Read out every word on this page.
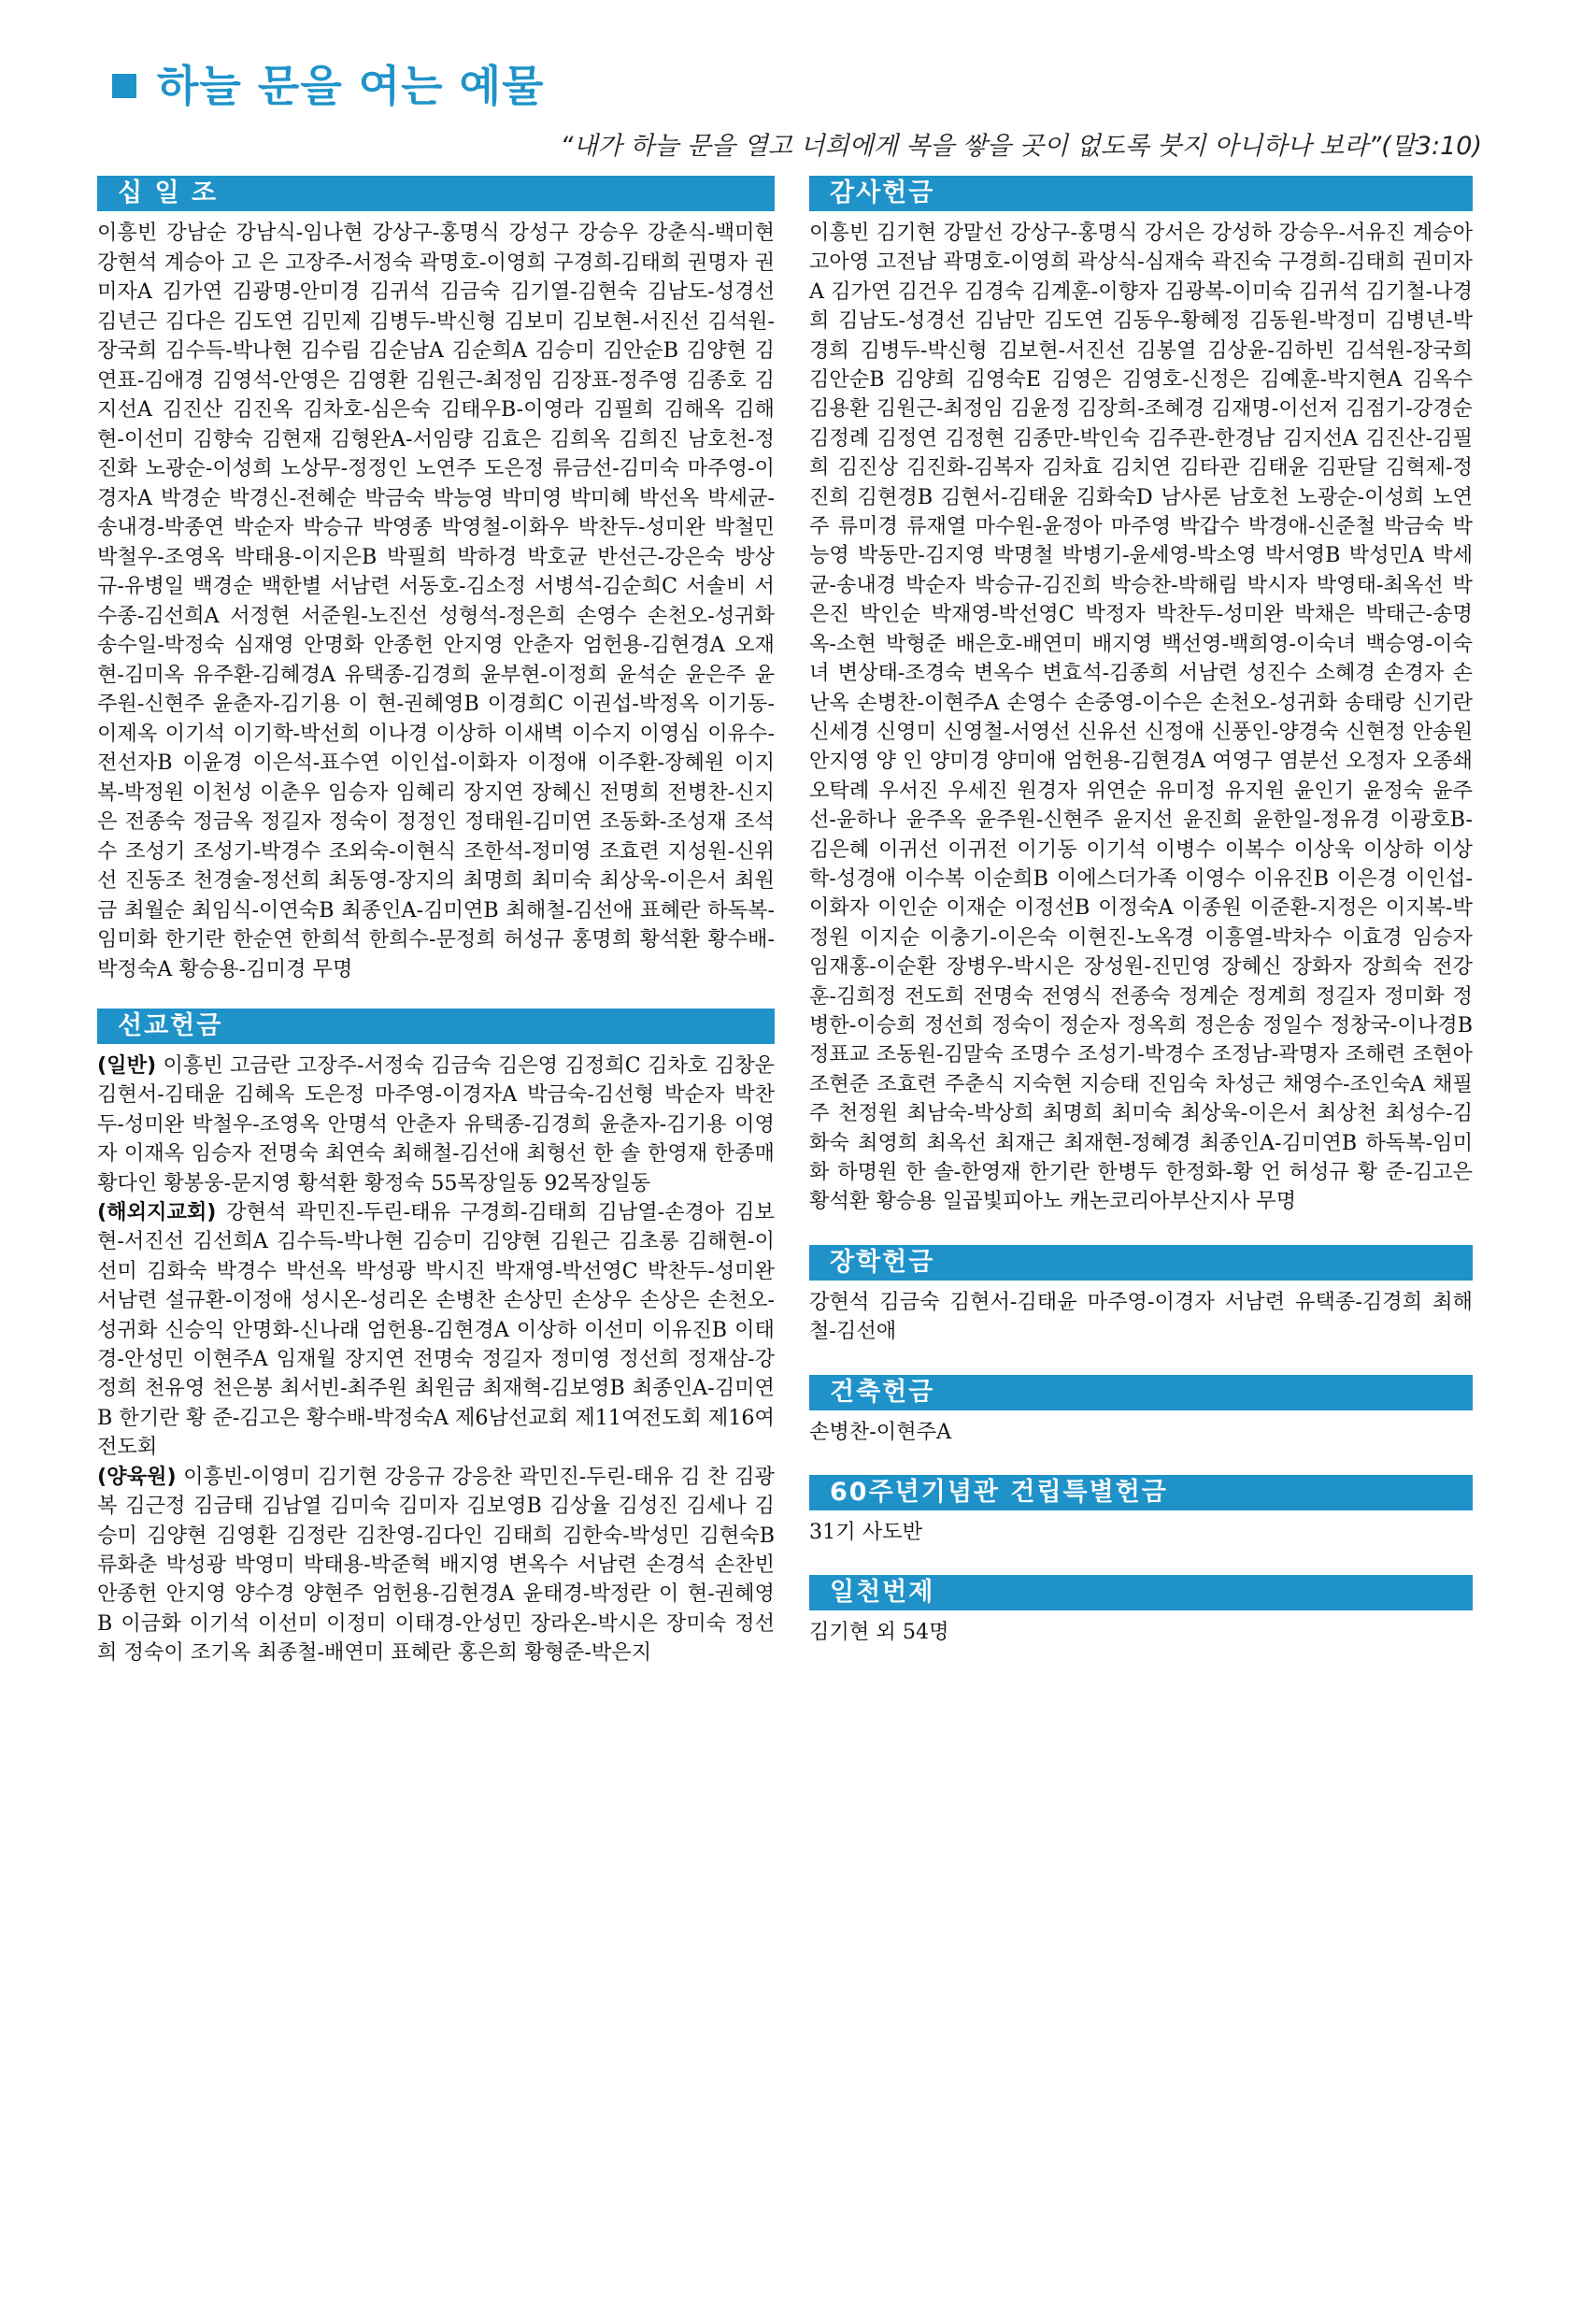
하늘 문을 여는 예물
“내가 하늘 문을 열고 너희에게 복을 쌓을 곳이 없도록 붓지 아니하나 보라”(말3:10)
십 일 조
이흥빈 강남순 강남식-임나현 강상구-홍명식 강성구 강승우 강춘식-백미현 강현석 계승아 고 은 고장주-서정숙 곽명호-이영희 구경희-김태희 권명자 권미자A 김가연 김광명-안미경 김귀석 김금숙 김기열-김현숙 김남도-성경선 김년근 김다은 김도연 김민제 김병두-박신형 김보미 김보현-서진선 김석원-장국희 김수득-박나현 김수림 김순남A 김순희A 김승미 김안순B 김양현 김연표-김애경 김영석-안영은 김영환 김원근-최정임 김장표-정주영 김종호 김지선A 김진산 김진옥 김차호-심은숙 김태우B-이영라 김필희 김해옥 김해현-이선미 김향숙 김현재 김형완A-서임량 김효은 김희옥 김희진 남호천-정진화 노광순-이성희 노상무-정정인 노연주 도은정 류금선-김미숙 마주영-이경자A 박경순 박경신-전혜순 박금숙 박능영 박미영 박미혜 박선옥 박세균-송내경-박종연 박순자 박승규 박영종 박영철-이화우 박찬두-성미완 박철민 박철우-조영옥 박태용-이지은B 박필희 박하경 박호균 반선근-강은숙 방상규-유병일 백경순 백한별 서남련 서동호-김소정 서병석-김순희C 서솔비 서수종-김선희A 서정현 서준원-노진선 성형석-정은희 손영수 손천오-성귀화 송수일-박정숙 심재영 안명화 안종헌 안지영 안춘자 엄헌용-김현경A 오재현-김미옥 유주환-김혜경A 유택종-김경희 윤부현-이정희 윤석순 윤은주 윤주원-신현주 윤춘자-김기용 이 현-권혜영B 이경희C 이권섭-박정옥 이기동-이제옥 이기석 이기학-박선희 이나경 이상하 이새벽 이수지 이영심 이유수-전선자B 이윤경 이은석-표수연 이인섭-이화자 이정애 이주환-장혜원 이지복-박정원 이천성 이춘우 임승자 임혜리 장지연 장혜신 전명희 전병찬-신지은 전종숙 정금옥 정길자 정숙이 정정인 정태원-김미연 조동화-조성재 조석수 조성기 조성기-박경수 조외숙-이현식 조한석-정미영 조효련 지성원-신위선 진동조 천경술-정선희 최동영-장지의 최명희 최미숙 최상욱-이은서 최원금 최월순 최임식-이연숙B 최종인A-김미연B 최해철-김선애 표혜란 하독복-임미화 한기란 한순연 한희석 한희수-문정희 허성규 홍명희 황석환 황수배-박정숙A 황승용-김미경 무명
선교헌금

(일반) 이흥빈 고금란 고장주-서정숙 김금숙 김은영 김정희C 김차호 김창운 김현서-김태윤 김혜옥 도은정 마주영-이경자A 박금숙-김선형 박순자 박찬두-성미완 박철우-조영옥 안명석 안춘자 유택종-김경희 윤춘자-김기용 이영자 이재옥 임승자 전명숙 최연숙 최해철-김선애 최형선 한 솔 한영재 한종매 황다인 황봉웅-문지영 황석환 황정숙 55목장일동 92목장일동

(해외지교회) 강현석 곽민진-두린-태유 구경희-김태희 김남열-손경아 김보현-서진선 김선희A 김수득-박나현 김승미 김양현 김원근 김초롱 김해현-이선미 김화숙 박경수 박선옥 박성광 박시진 박재영-박선영C 박찬두-성미완 서남련 설규환-이정애 성시온-성리온 손병찬 손상민 손상우 손상은 손천오-성귀화 신승익 안명화-신나래 엄헌용-김현경A 이상하 이선미 이유진B 이태경-안성민 이현주A 임재월 장지연 전명숙 정길자 정미영 정선희 정재삼-강정희 천유영 천은봉 최서빈-최주원 최원금 최재혁-김보영B 최종인A-김미연B 한기란 황 준-김고은 황수배-박정숙A 제6남선교회 제11여전도회 제16여전도회

(양육원) 이흥빈-이영미 김기현 강응규 강응찬 곽민진-두린-태유 김 찬 김광복 김근정 김금태 김남열 김미숙 김미자 김보영B 김상율 김성진 김세나 김승미 김양현 김영환 김정란 김찬영-김다인 김태희 김한숙-박성민 김현숙B 류화춘 박성광 박영미 박태용-박준혁 배지영 변옥수 서남련 손경석 손찬빈 안종헌 안지영 양수경 양현주 엄헌용-김현경A 윤태경-박정란 이 현-권혜영B 이금화 이기석 이선미 이정미 이태경-안성민 장라온-박시은 장미숙 정선희 정숙이 조기옥 최종철-배연미 표혜란 홍은희 황형준-박은지

감사헌금
이흥빈 김기현 강말선 강상구-홍명식 강서은 강성하 강승우-서유진 계승아 고아영 고전남 곽명호-이영희 곽상식-심재숙 곽진숙 구경희-김태희 권미자A 김가연 김건우 김경숙 김계훈-이향자 김광복-이미숙 김귀석 김기철-나경희 김남도-성경선 김남만 김도연 김동우-황혜정 김동원-박정미 김병년-박경희 김병두-박신형 김보현-서진선 김봉열 김상윤-김하빈 김석원-장국희 김안순B 김양희 김영숙E 김영은 김영호-신정은 김예훈-박지현A 김옥수 김용환 김원근-최정임 김윤정 김장희-조혜경 김재명-이선저 김점기-강경순 김정례 김정연 김정현 김종만-박인숙 김주관-한경남 김지선A 김진산-김필희 김진상 김진화-김복자 김차효 김치연 김타관 김태윤 김판달 김혁제-정진희 김현경B 김현서-김태윤 김화숙D 남사론 남호천 노광순-이성희 노연주 류미경 류재열 마수원-윤정아 마주영 박갑수 박경애-신준철 박금숙 박능영 박동만-김지영 박명철 박병기-윤세영-박소영 박서영B 박성민A 박세균-송내경 박순자 박승규-김진희 박승찬-박해림 박시자 박영태-최옥선 박은진 박인순 박재영-박선영C 박정자 박찬두-성미완 박채은 박태근-송명옥-소현 박형준 배은호-배연미 배지영 백선영-백희영-이숙녀 백승영-이숙녀 변상태-조경숙 변옥수 변효석-김종희 서남련 성진수 소혜경 손경자 손난옥 손병찬-이현주A 손영수 손중영-이수은 손천오-성귀화 송태랑 신기란 신세경 신영미 신영철-서영선 신유선 신정애 신풍인-양경숙 신현정 안송원 안지영 양 인 양미경 양미애 엄헌용-김현경A 여영구 염분선 오정자 오종쇄 오탁례 우서진 우세진 원경자 위연순 유미정 유지원 윤인기 윤정숙 윤주선-윤하나 윤주옥 윤주원-신현주 윤지선 윤진희 윤한일-정유경 이광호B-김은혜 이귀선 이귀전 이기동 이기석 이병수 이복수 이상욱 이상하 이상학-성경애 이수복 이순희B 이에스더가족 이영수 이유진B 이은경 이인섭-이화자 이인순 이재순 이정선B 이정숙A 이종원 이준환-지정은 이지복-박정원 이지순 이충기-이은숙 이현진-노옥경 이흥열-박차수 이효경 임승자 임재홍-이순환 장병우-박시은 장성원-진민영 장혜신 장화자 장희숙 전강훈-김희정 전도희 전명숙 전영식 전종숙 정계순 정계희 정길자 정미화 정병한-이승희 정선희 정숙이 정순자 정옥희 정은송 정일수 정창국-이나경B 정표교 조동원-김말숙 조명수 조성기-박경수 조정남-곽명자 조해련 조현아 조현준 조효련 주춘식 지숙현 지승태 진임숙 차성근 채영수-조인숙A 채필주 천정원 최남숙-박상희 최명희 최미숙 최상욱-이은서 최상천 최성수-김화숙 최영희 최옥선 최재근 최재현-정혜경 최종인A-김미연B 하독복-임미화 하명원 한 솔-한영재 한기란 한병두 한정화-황 언 허성규 황 준-김고은 황석환 황승용 일곱빛피아노 캐논코리아부산지사 무명
장학헌금
강현석 김금숙 김현서-김태윤 마주영-이경자 서남련 유택종-김경희 최해철-김선애
건축헌금
손병찬-이현주A
60주년기념관 건립특별헌금
31기 사도반
일천번제
김기현 외 54명
